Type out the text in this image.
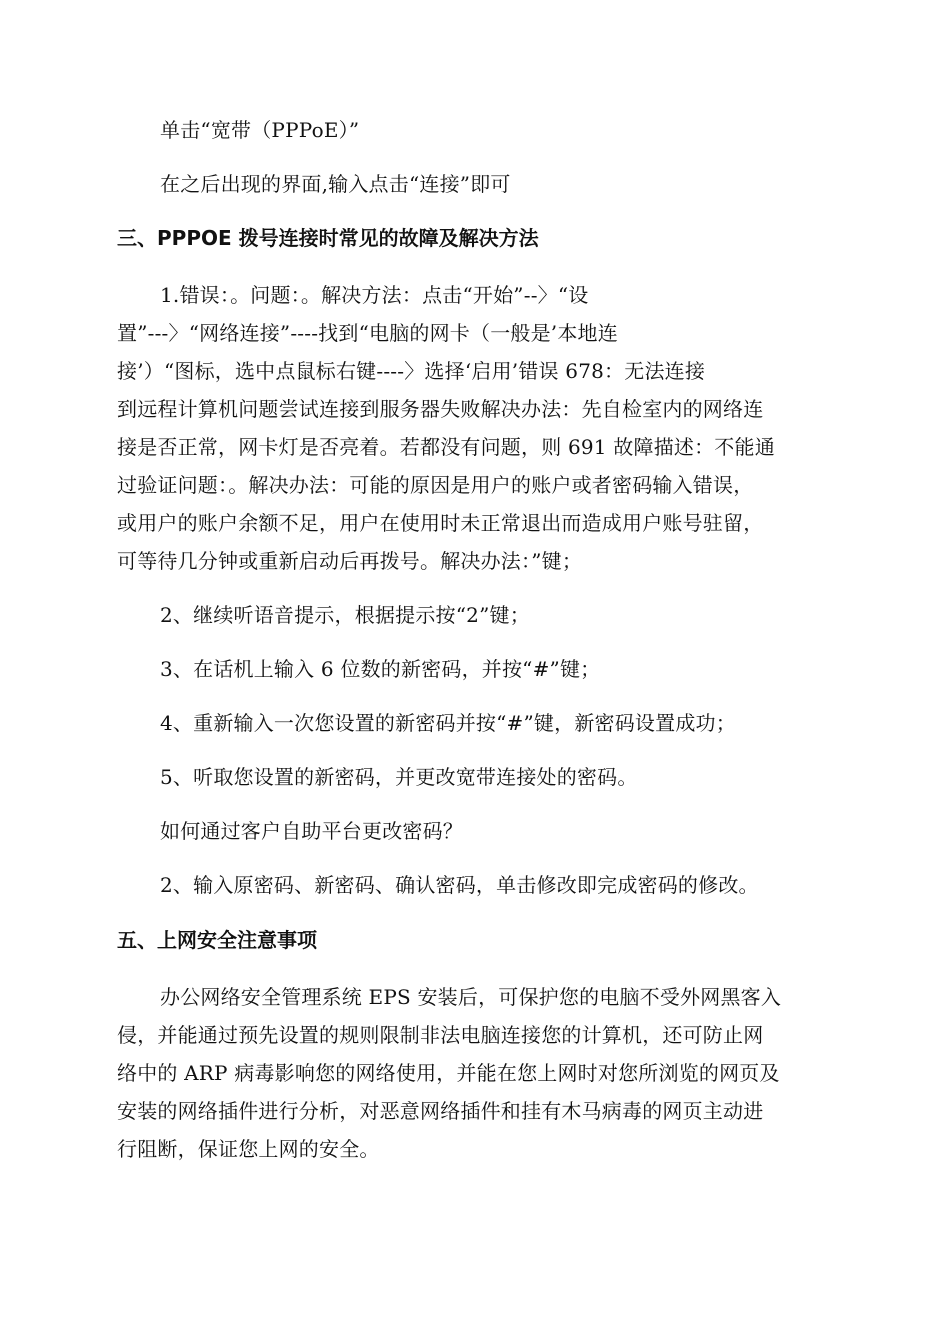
单击“宽带（PPPoE）”
在之后出现的界面,输入点击“连接”即可
三、PPPOE 拨号连接时常见的故障及解决方法
1.错误：。问题：。解决方法：点击“开始”--〉“设
置”---〉“网络连接”----找到“电脑的网卡（一般是’本地连
接’）“图标，选中点鼠标右键----〉选择‘启用’错误 678：无法连接
到远程计算机问题尝试连接到服务器失败解决办法：先自检室内的网络连
接是否正常，网卡灯是否亮着。若都没有问题，则 691 故障描述：不能通
过验证问题：。解决办法：可能的原因是用户的账户或者密码输入错误，
或用户的账户余额不足，用户在使用时未正常退出而造成用户账号驻留，
可等待几分钟或重新启动后再拨号。解决办法：”键；
2、继续听语音提示，根据提示按“2”键；
3、在话机上输入 6 位数的新密码，并按“#”键；
4、重新输入一次您设置的新密码并按“#”键，新密码设置成功；
5、听取您设置的新密码，并更改宽带连接处的密码。
如何通过客户自助平台更改密码？
2、输入原密码、新密码、确认密码，单击修改即完成密码的修改。
五、上网安全注意事项
办公网络安全管理系统 EPS 安装后，可保护您的电脑不受外网黑客入
侵，并能通过预先设置的规则限制非法电脑连接您的计算机，还可防止网
络中的 ARP 病毒影响您的网络使用，并能在您上网时对您所浏览的网页及
安装的网络插件进行分析，对恶意网络插件和挂有木马病毒的网页主动进
行阻断，保证您上网的安全。
